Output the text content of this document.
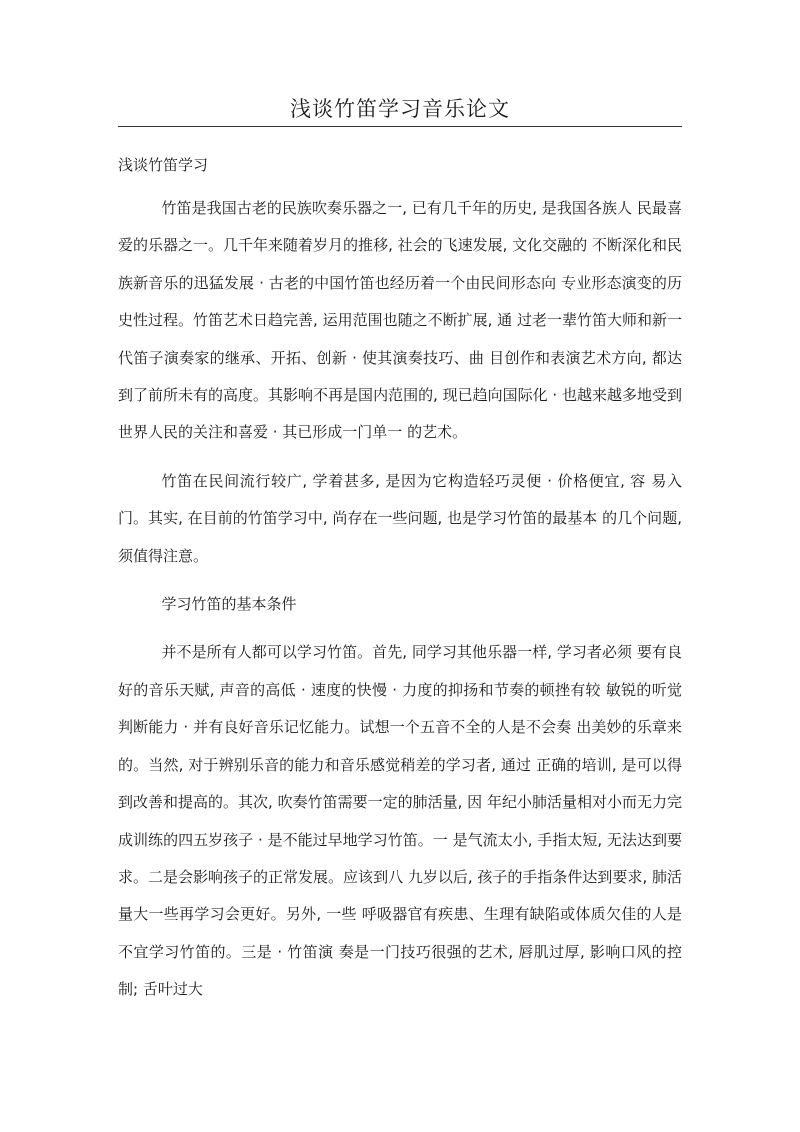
浅谈竹笛学习音乐论文

浅谈竹笛学习

竹笛是我国古老的民族吹奏乐器之一, 已有几千年的历史, 是我国各族人 民最喜爱的乐器之一。几千年来随着岁月的推移, 社会的飞速发展, 文化交融的 不断深化和民族新音乐的迅猛发展 · 古老的中国竹笛也经历着一个由民间形态向 专业形态演变的历史性过程。竹笛艺术日趋完善, 运用范围也随之不断扩展, 通 过老一辈竹笛大师和新一代笛子演奏家的继承、开拓、创新 · 使其演奏技巧、曲 目创作和表演艺术方向, 都达到了前所未有的高度。其影响不再是国内范围的, 现已趋向国际化 · 也越来越多地受到世界人民的关注和喜爱 · 其已形成一门单一 的艺术。

竹笛在民间流行较广, 学着甚多, 是因为它构造轻巧灵便 · 价格便宜, 容 易入门。其实, 在目前的竹笛学习中, 尚存在一些问题, 也是学习竹笛的最基本 的几个问题, 须值得注意。

学习竹笛的基本条件

并不是所有人都可以学习竹笛。首先, 同学习其他乐器一样, 学习者必须 要有良好的音乐天赋, 声音的高低 · 速度的快慢 · 力度的抑扬和节奏的顿挫有较 敏锐的听觉判断能力 · 并有良好音乐记忆能力。试想一个五音不全的人是不会奏 出美妙的乐章来的。当然, 对于辨别乐音的能力和音乐感觉稍差的学习者, 通过 正确的培训, 是可以得到改善和提高的。其次, 吹奏竹笛需要一定的肺活量, 因 年纪小肺活量相对小而无力完成训练的四五岁孩子 · 是不能过早地学习竹笛。一 是气流太小, 手指太短, 无法达到要求。二是会影响孩子的正常发展。应该到八 九岁以后, 孩子的手指条件达到要求, 肺活量大一些再学习会更好。另外, 一些 呼吸器官有疾患、生理有缺陷或体质欠佳的人是不宜学习竹笛的。三是 · 竹笛演 奏是一门技巧很强的艺术, 唇肌过厚, 影响口风的控制; 舌叶过大
